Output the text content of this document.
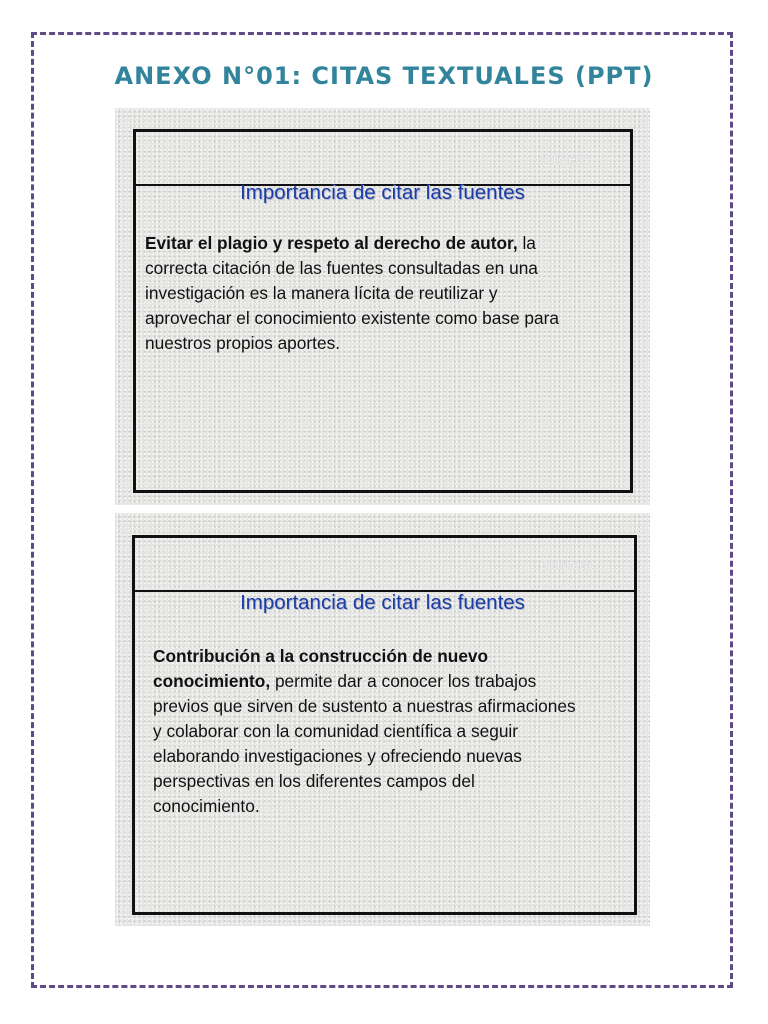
ANEXO N°01: CITAS TEXTUALES (PPT)
Biblioteca
Importancia de citar las fuentes

Evitar el plagio y respeto al derecho de autor, la correcta citación de las fuentes consultadas en una investigación es la manera lícita de reutilizar y aprovechar el conocimiento existente como base para nuestros propios aportes.

Biblioteca
Importancia de citar las fuentes

Contribución a la construcción de nuevo conocimiento, permite dar a conocer los trabajos previos que sirven de sustento a nuestras afirmaciones y colaborar con la comunidad científica a seguir elaborando investigaciones y ofreciendo nuevas perspectivas en los diferentes campos del conocimiento.
